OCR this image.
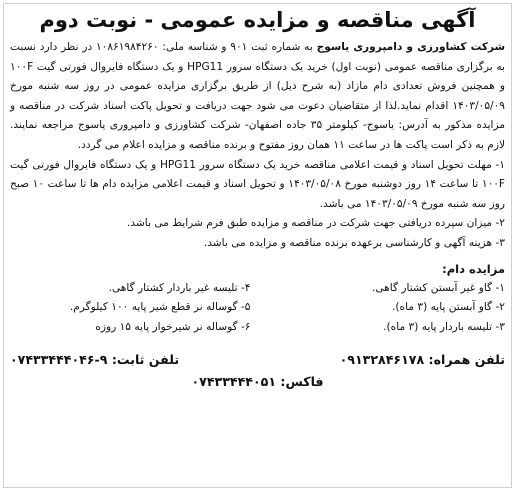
آگهی مناقصه و مزایده عمومی - نوبت دوم

شرکت کشاورزی و دامپروری یاسوج به شماره ثبت ۹۰۱ و شناسه ملی: ۱۰۸۶۱۹۸۴۲۶۰ در نظر دارد نسبت به برگزاری مناقصه عمومی (نوبت اول) خرید یک دستگاه سرور HPG11 و یک دستگاه فایروال فورتی گیت ۱۰۰F و همچنین فروش تعدادی دام مازاد (به شرح ذیل) از طریق برگزاری مزایده عمومی در روز سه شنبه مورخ ۱۴۰۳/۰۵/۰۹ اقدام نماید.لذا از متقاضیان دعوت می شود جهت دریافت و تحویل پاکت اسناد شرکت در مناقصه و مزایده مذکور به آدرس: یاسوج- کیلومتر ۳۵ جاده اصفهان- شرکت کشاورزی و دامپروری یاسوج مراجعه نمایند. لازم به ذکر است پاکت ها در ساعت ۱۱ همان روز مفتوح و برنده مناقصه و مزایده اعلام می گردد.
۱- مهلت تحویل اسناد و قیمت اعلامی مناقصه خرید یک دستگاه سرور HPG11 و یک دستگاه فایروال فورتی گیت ۱۰۰F تا ساعت ۱۴ روز دوشنبه مورخ ۱۴۰۳/۰۵/۰۸ و تحویل اسناد و قیمت اعلامی مزایده دام ها تا ساعت ۱۰ صبح روز سه شنبه مورخ ۱۴۰۳/۰۵/۰۹ می باشد.
۲- میزان سپرده دریافتی جهت شرکت در مناقصه و مزایده طبق فرم شرایط می باشد.
۳- هزینه آگهی و کارشناسی برعهده برنده مناقصه و مزایده می باشد.

مزایده دام:
۱- گاو غیر آبستن کشتار گاهی.
۴- تلیسه غیر باردار کشتار گاهی.
۲- گاو آبستن پایه (۳ ماه).
۵- گوساله نر قطع شیر پایه ۱۰۰ کیلوگرم.
۳- تلیسه باردار پایه (۳ ماه).
۶- گوساله نر شیرخوار پایه ۱۵ روزه
تلفن همراه: ۰۹۱۳۲۸۴۶۱۷۸
تلفن ثابت: ۰۷۴۳۳۴۴۴۰۴۶-۹
فاکس: ۰۷۴۳۳۴۴۴۰۵۱
